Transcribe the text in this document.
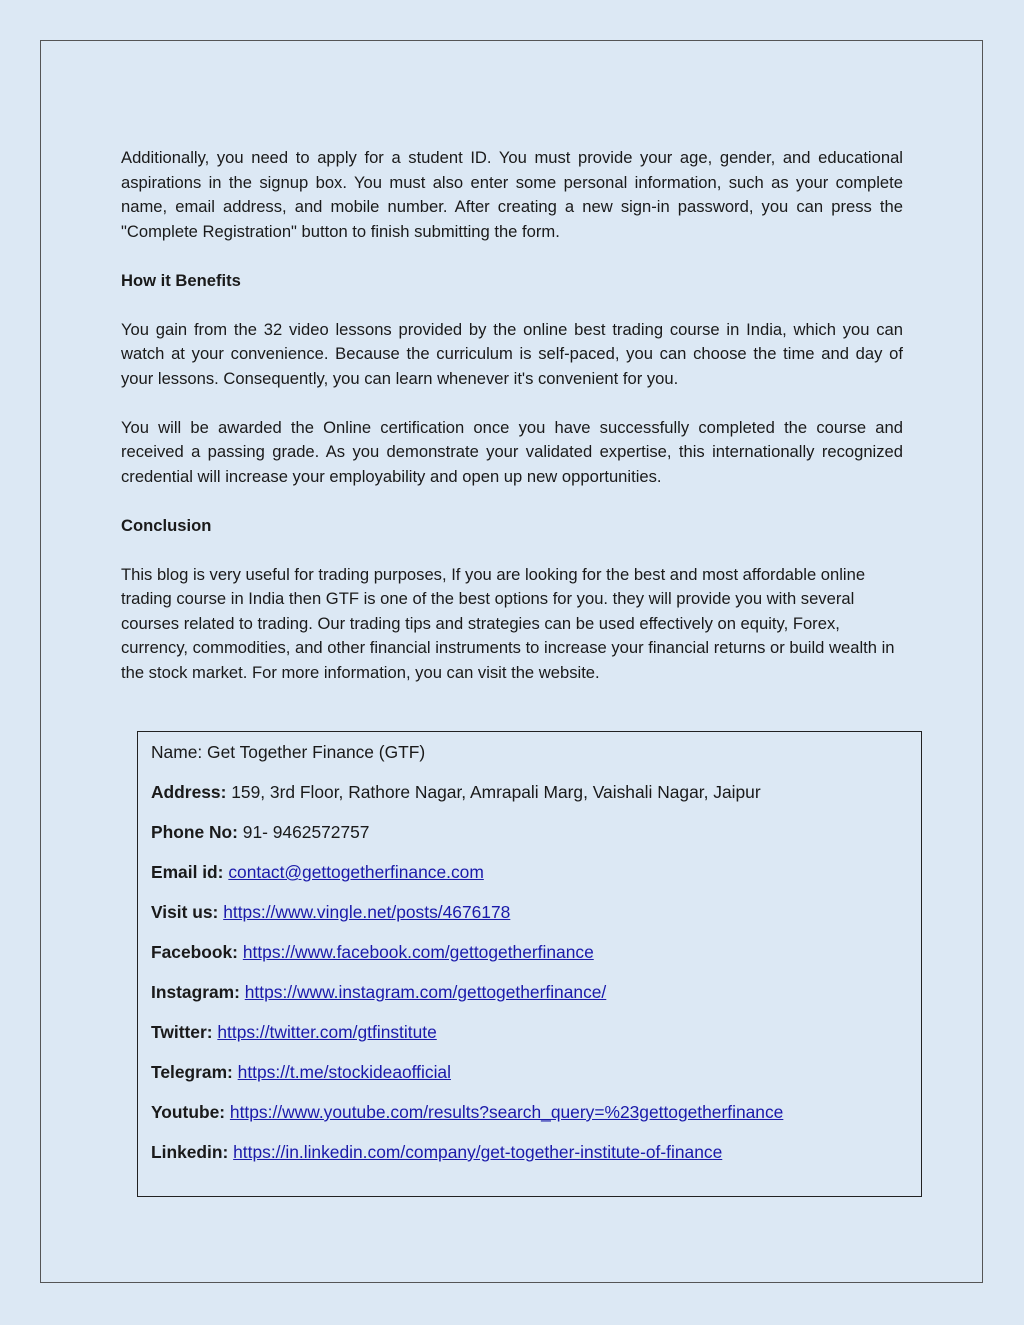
Additionally, you need to apply for a student ID. You must provide your age, gender, and educational aspirations in the signup box. You must also enter some personal information, such as your complete name, email address, and mobile number. After creating a new sign-in password, you can press the "Complete Registration" button to finish submitting the form.

How it Benefits

You gain from the 32 video lessons provided by the online best trading course in India, which you can watch at your convenience. Because the curriculum is self-paced, you can choose the time and day of your lessons. Consequently, you can learn whenever it's convenient for you.

You will be awarded the Online certification once you have successfully completed the course and received a passing grade. As you demonstrate your validated expertise, this internationally recognized credential will increase your employability and open up new opportunities.

Conclusion

This blog is very useful for trading purposes, If you are looking for the best and most affordable online trading course in India then GTF is one of the best options for you. they will provide you with several courses related to trading. Our trading tips and strategies can be used effectively on equity, Forex, currency, commodities, and other financial instruments to increase your financial returns or build wealth in the stock market. For more information, you can visit the website.

Name: Get Together Finance (GTF)
Address: 159, 3rd Floor, Rathore Nagar, Amrapali Marg, Vaishali Nagar, Jaipur
Phone No: 91- 9462572757
Email id: contact@gettogetherfinance.com
Visit us: https://www.vingle.net/posts/4676178
Facebook: https://www.facebook.com/gettogetherfinance
Instagram: https://www.instagram.com/gettogetherfinance/
Twitter: https://twitter.com/gtfinstitute
Telegram: https://t.me/stockideaofficial
Youtube: https://www.youtube.com/results?search_query=%23gettogetherfinance
Linkedin: https://in.linkedin.com/company/get-together-institute-of-finance
